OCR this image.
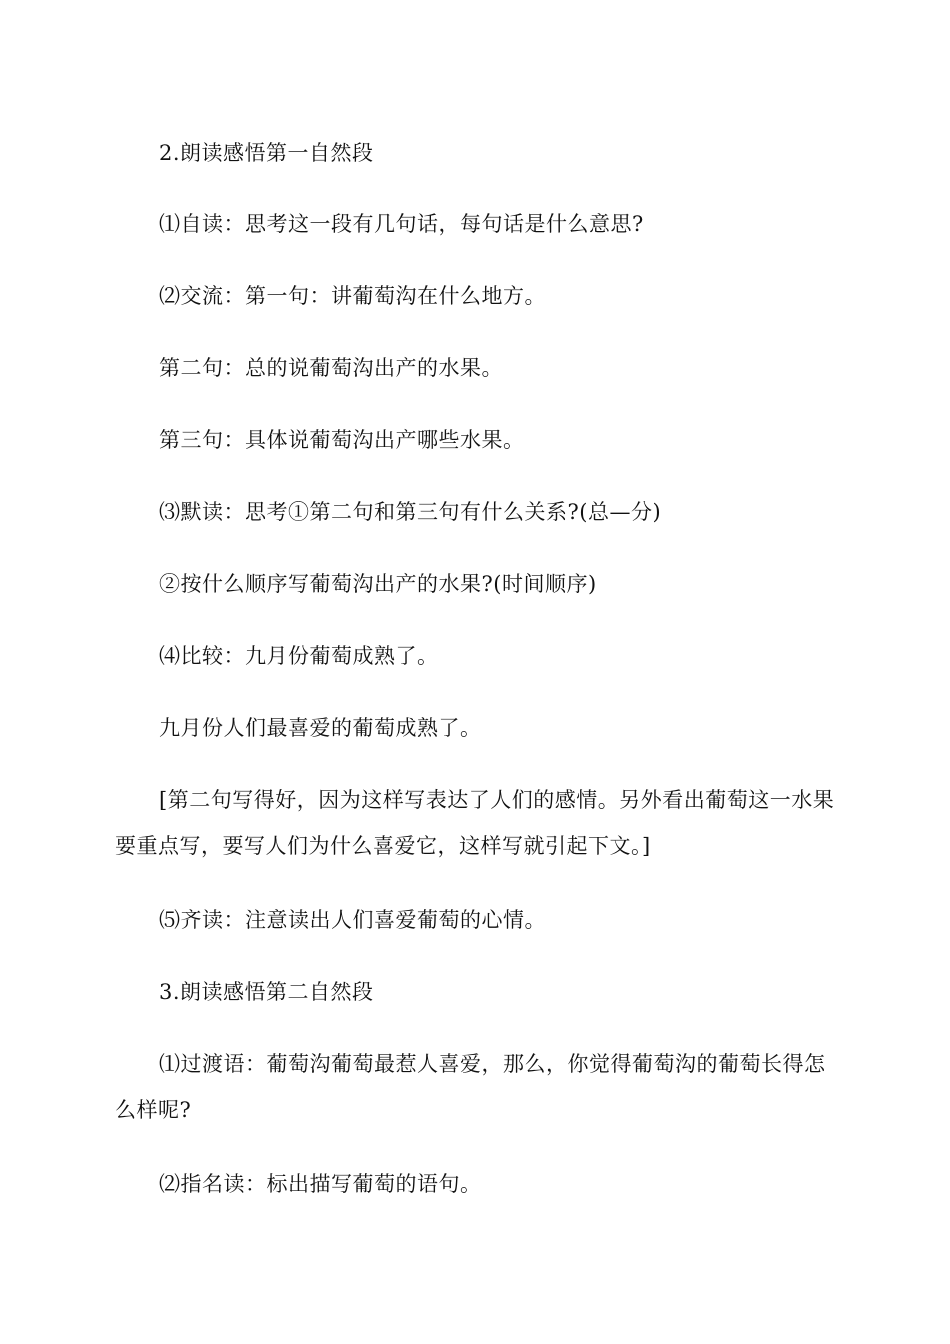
2.朗读感悟第一自然段

⑴自读：思考这一段有几句话，每句话是什么意思?

⑵交流：第一句：讲葡萄沟在什么地方。

第二句：总的说葡萄沟出产的水果。

第三句：具体说葡萄沟出产哪些水果。

⑶默读：思考①第二句和第三句有什么关系?(总—分)

②按什么顺序写葡萄沟出产的水果?(时间顺序)

⑷比较：九月份葡萄成熟了。

九月份人们最喜爱的葡萄成熟了。

[第二句写得好，因为这样写表达了人们的感情。另外看出葡萄这一水果要重点写，要写人们为什么喜爱它，这样写就引起下文。]

⑸齐读：注意读出人们喜爱葡萄的心情。

3.朗读感悟第二自然段

⑴过渡语：葡萄沟葡萄最惹人喜爱，那么，你觉得葡萄沟的葡萄长得怎么样呢?

⑵指名读：标出描写葡萄的语句。
